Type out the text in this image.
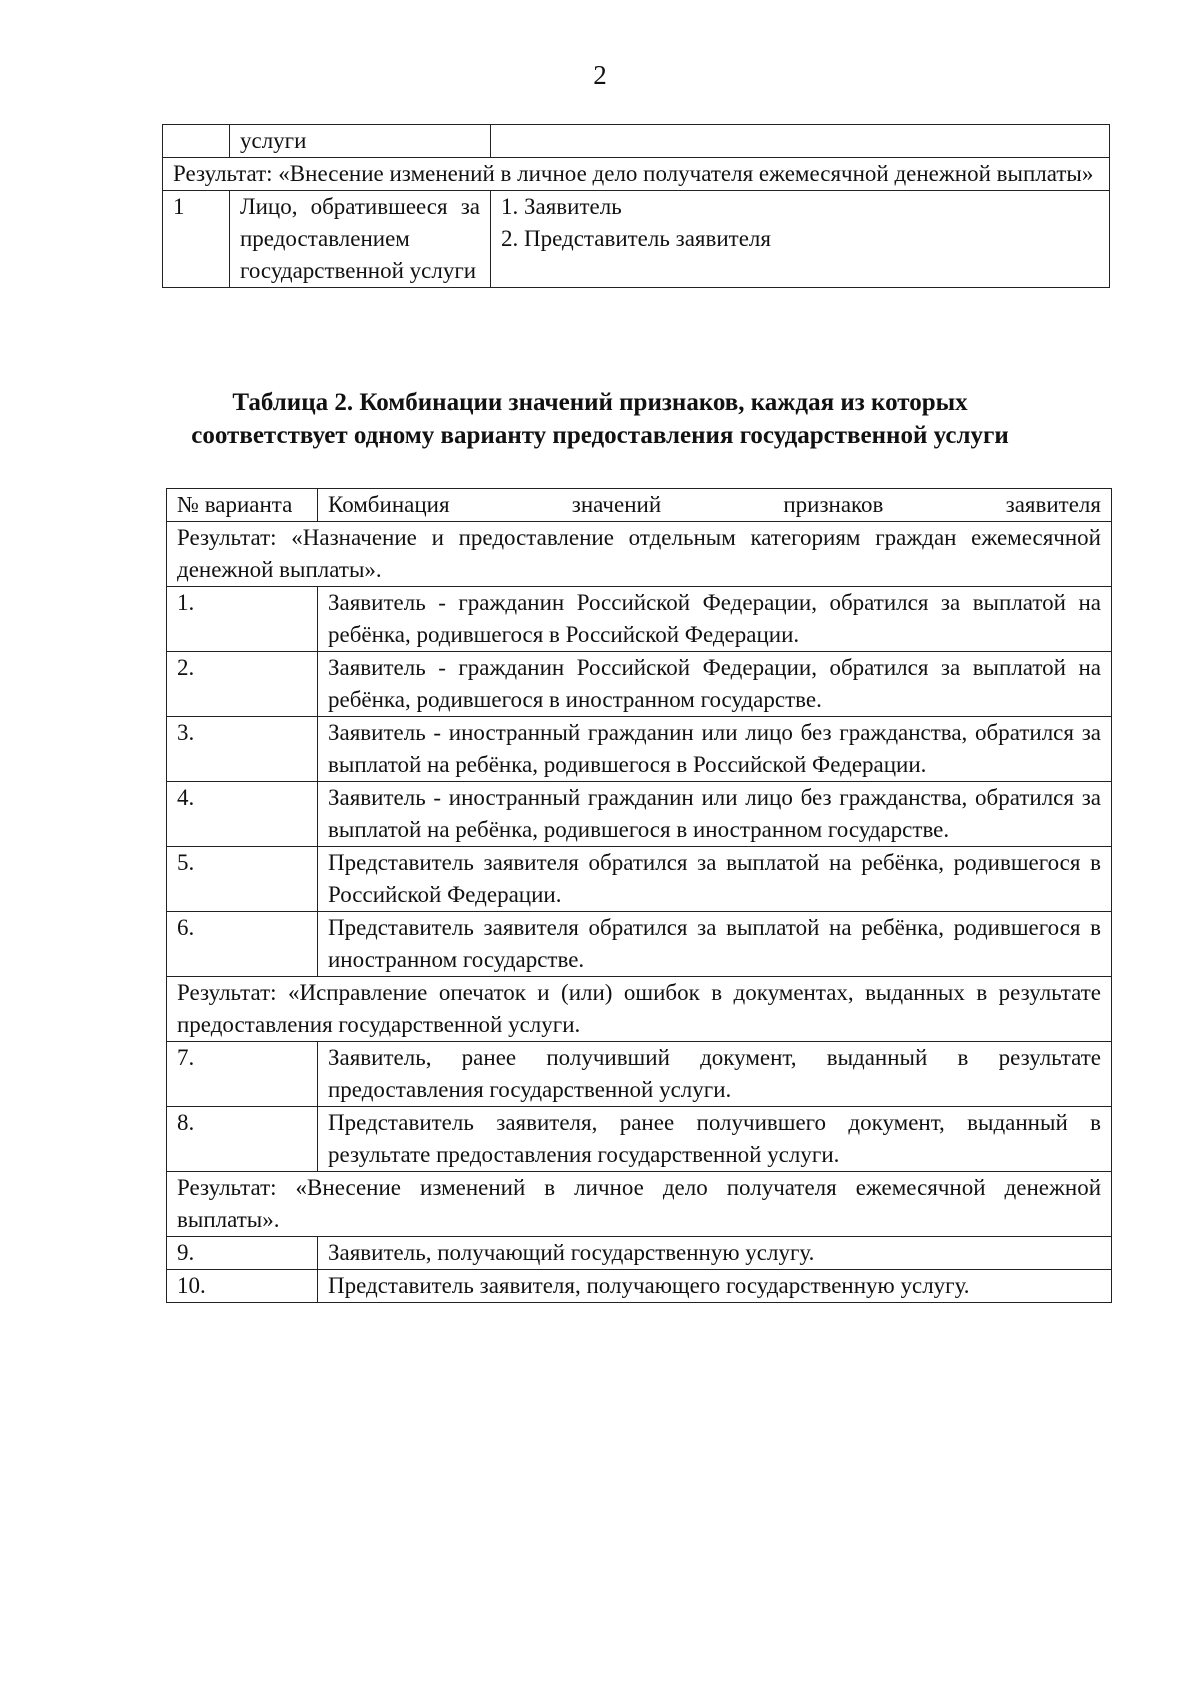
2
	услуги	
Результат: «Внесение изменений в личное дело получателя ежемесячной денежной выплаты»		
1	Лицо, обратившееся за предоставлением государственной услуги	1. Заявитель
2. Представитель заявителя
Таблица 2. Комбинации значений признаков, каждая из которых
соответствует одному варианту предоставления государственной услуги
№ варианта	Комбинация значений признаков заявителя
Результат: «Назначение и предоставление отдельным категориям граждан ежемесячной денежной выплаты».	
1.	Заявитель - гражданин Российской Федерации, обратился за выплатой на ребёнка, родившегося в Российской Федерации.
2.	Заявитель - гражданин Российской Федерации, обратился за выплатой на ребёнка, родившегося в иностранном государстве.
3.	Заявитель - иностранный гражданин или лицо без гражданства, обратился за выплатой на ребёнка, родившегося в Российской Федерации.
4.	Заявитель - иностранный гражданин или лицо без гражданства, обратился за выплатой на ребёнка, родившегося в иностранном государстве.
5.	Представитель заявителя обратился за выплатой на ребёнка, родившегося в Российской Федерации.
6.	Представитель заявителя обратился за выплатой на ребёнка, родившегося в иностранном государстве.
Результат: «Исправление опечаток и (или) ошибок в документах, выданных в результате предоставления государственной услуги.	
7.	Заявитель, ранее получивший документ, выданный в результате предоставления государственной услуги.
8.	Представитель заявителя, ранее получившего документ, выданный в результате предоставления государственной услуги.
Результат: «Внесение изменений в личное дело получателя ежемесячной денежной выплаты».	
9.	Заявитель, получающий государственную услугу.
10.	Представитель заявителя, получающего государственную услугу.
